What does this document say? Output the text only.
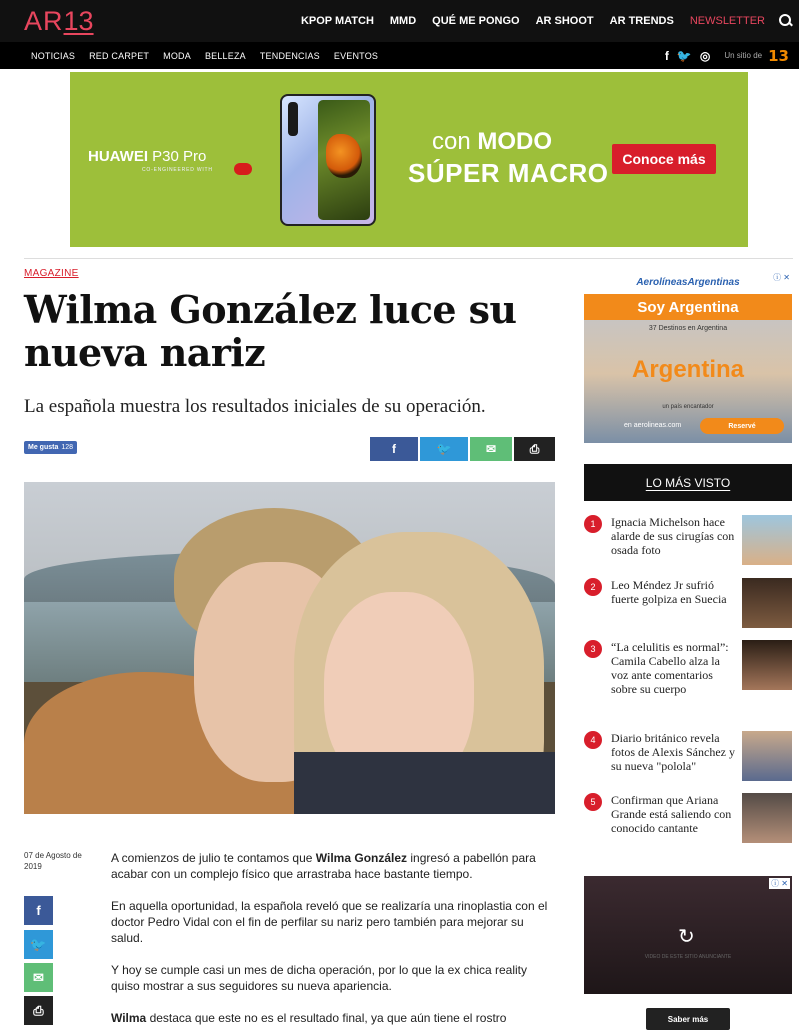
AR 13	KPOP MATCH MMD QUÉ ME PONGO AR SHOOT AR TRENDS NEWSLETTER
NOTICIAS RED CARPET MODA BELLEZA TENDENCIAS EVENTOS	f 🐦 ◎ Un sitio de 13
HUAWEI P30 Pro
CO-ENGINEERED WITH
con MODO
SÚPER MACRO Conoce más
MAGAZINE
Wilma González luce su nueva nariz
La española muestra los resultados iniciales de su operación.
Me gusta 128	f	🐦	✉	⎙
07 de Agosto de 2019
f
🐦
✉
⎙

A comienzos de julio te contamos que Wilma González ingresó a pabellón para acabar con un complejo físico que arrastraba hace bastante tiempo.

En aquella oportunidad, la española reveló que se realizaría una rinoplastia con el doctor Pedro Vidal con el fin de perfilar su nariz pero también para mejorar su salud.

Y hoy se cumple casi un mes de dicha operación, por lo que la ex chica reality quiso mostrar a sus seguidores su nueva apariencia.

Wilma destaca que este no es el resultado final, ya que aún tiene el rostro

AerolíneasArgentinas	ⓘ ✕
Soy Argentina
37 Destinos en Argentina
Argentina
un país encantador
en aerolineas.com	Reservé
LO MÁS VISTO
1	Ignacia Michelson hace alarde de sus cirugías con osada foto
2	Leo Méndez Jr sufrió fuerte golpiza en Suecia
3	“La celulitis es normal”: Camila Cabello alza la voz ante comentarios sobre su cuerpo
4	Diario británico revela fotos de Alexis Sánchez y su nueva "polola"
5	Confirman que Ariana Grande está saliendo con conocido cantante
ⓘ ✕
↻
VIDEO DE ESTE SITIO ANUNCIANTE
Saber más
